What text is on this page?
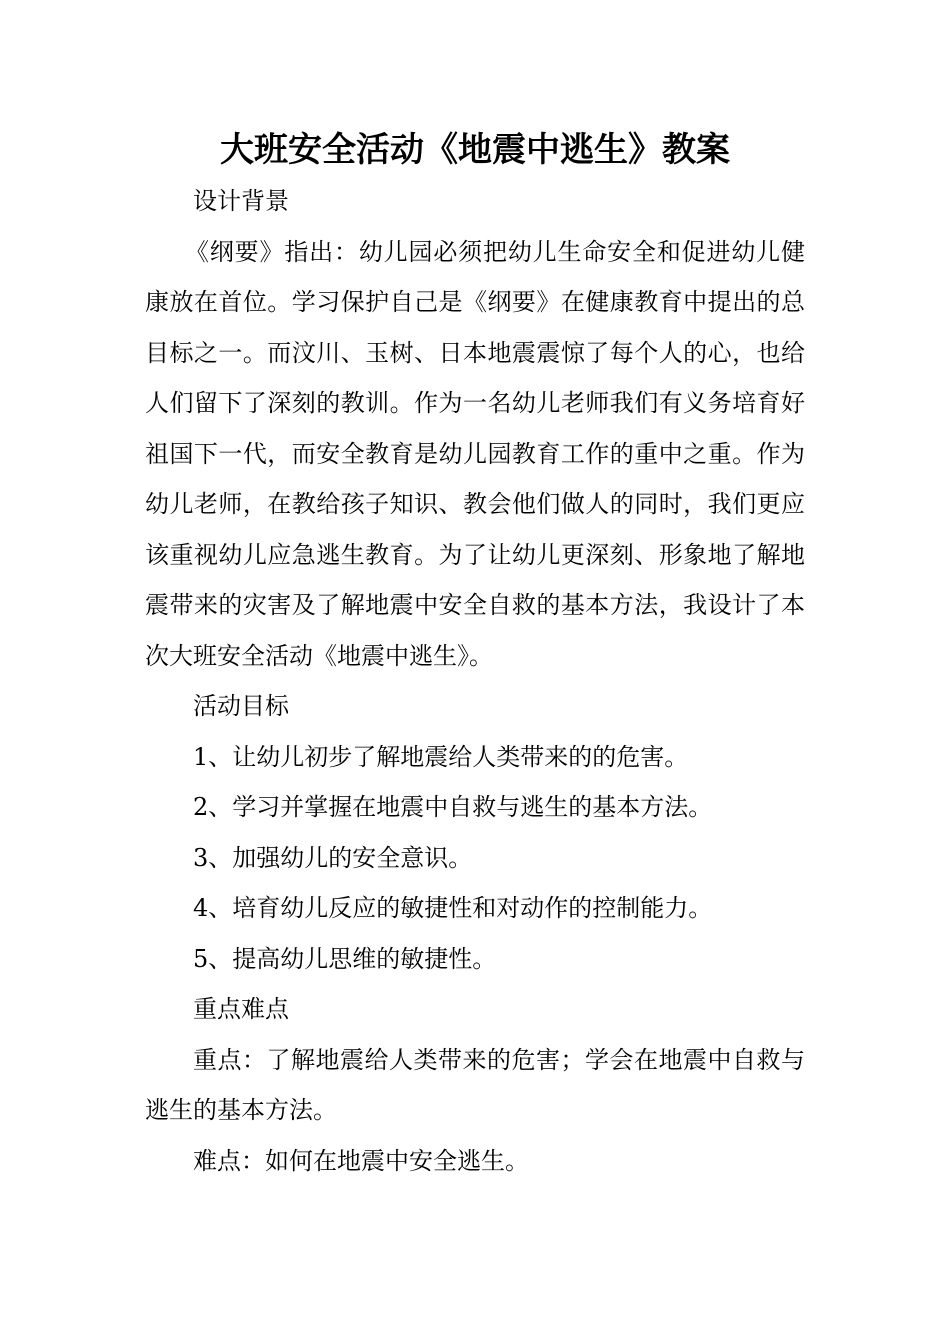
大班安全活动《地震中逃生》教案

设计背景

《纲要》指出：幼儿园必须把幼儿生命安全和促进幼儿健康放在首位。学习保护自己是《纲要》在健康教育中提出的总目标之一。而汶川、玉树、日本地震震惊了每个人的心，也给人们留下了深刻的教训。作为一名幼儿老师我们有义务培育好祖国下一代，而安全教育是幼儿园教育工作的重中之重。作为幼儿老师，在教给孩子知识、教会他们做人的同时，我们更应该重视幼儿应急逃生教育。为了让幼儿更深刻、形象地了解地震带来的灾害及了解地震中安全自救的基本方法，我设计了本次大班安全活动《地震中逃生》。

活动目标

1、让幼儿初步了解地震给人类带来的的危害。

2、学习并掌握在地震中自救与逃生的基本方法。

3、加强幼儿的安全意识。

4、培育幼儿反应的敏捷性和对动作的控制能力。

5、提高幼儿思维的敏捷性。

重点难点

重点：了解地震给人类带来的危害；学会在地震中自救与逃生的基本方法。

难点：如何在地震中安全逃生。
